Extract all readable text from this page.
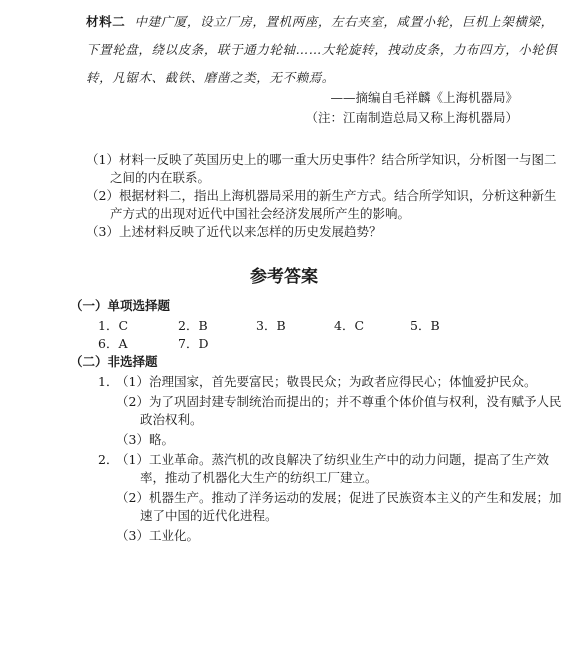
材料二 中建广厦，设立厂房，置机两座，左右夹室，咸置小轮，巨机上架横梁，
下置轮盘，绕以皮条，联于通力轮轴……大轮旋转，拽动皮条，力布四方，小轮俱
转，凡锯木、截铁、磨凿之类，无不赖焉。
——摘编自毛祥麟《上海机器局》
（注：江南制造总局又称上海机器局）
（1）材料一反映了英国历史上的哪一重大历史事件？结合所学知识，分析图一与图二
之间的内在联系。
（2）根据材料二，指出上海机器局采用的新生产方式。结合所学知识，分析这种新生
产方式的出现对近代中国社会经济发展所产生的影响。
（3）上述材料反映了近代以来怎样的历史发展趋势？
参考答案
（一）单项选择题
1．C	2．B	3．B	4．C	5．B
6．A	7．D
（二）非选择题
1．
（1）治理国家，首先要富民；敬畏民众；为政者应得民心；体恤爱护民众。
（2）为了巩固封建专制统治而提出的；并不尊重个体价值与权利，没有赋予人民
政治权利。
（3）略。
2．
（1）工业革命。蒸汽机的改良解决了纺织业生产中的动力问题，提高了生产效
率，推动了机器化大生产的纺织工厂建立。
（2）机器生产。推动了洋务运动的发展；促进了民族资本主义的产生和发展；加
速了中国的近代化进程。
（3）工业化。
